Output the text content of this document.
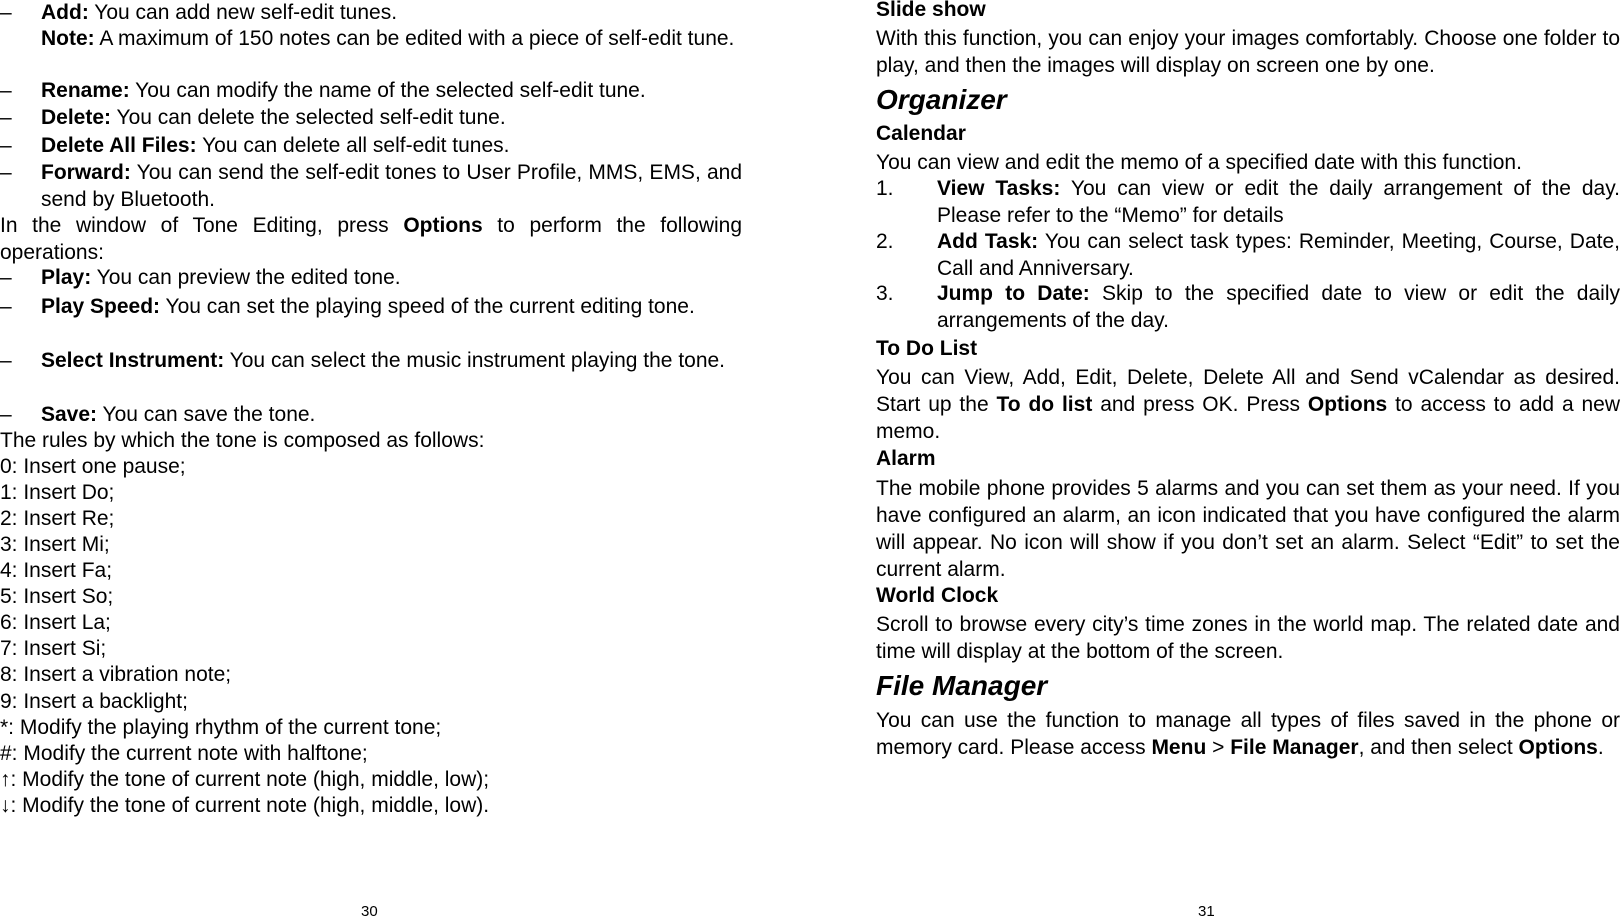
–	Add: You can add new self-edit tunes.
Note: A maximum of 150 notes can be edited with a piece of self-edit tune.
–	Rename: You can modify the name of the selected self-edit tune.
–	Delete: You can delete the selected self-edit tune.
–	Delete All Files: You can delete all self-edit tunes.
–	Forward: You can send the self-edit tones to User Profile, MMS, EMS, and send by Bluetooth.
In the window of Tone Editing, press Options to perform the following operations:
–	Play: You can preview the edited tone.
–	Play Speed: You can set the playing speed of the current editing tone.
–	Select Instrument: You can select the music instrument playing the tone.
–	Save: You can save the tone.
The rules by which the tone is composed as follows:
0: Insert one pause;
1: Insert Do;
2: Insert Re;
3: Insert Mi;
4: Insert Fa;
5: Insert So;
6: Insert La;
7: Insert Si;
8: Insert a vibration note;
9: Insert a backlight;
*: Modify the playing rhythm of the current tone;
#: Modify the current note with halftone;
↑: Modify the tone of current note (high, middle, low);
↓: Modify the tone of current note (high, middle, low).
30
Slide show
With this function, you can enjoy your images comfortably. Choose one folder to play, and then the images will display on screen one by one.
Organizer
Calendar
You can view and edit the memo of a specified date with this function.
1.	View Tasks: You can view or edit the daily arrangement of the day. Please refer to the “Memo” for details
2.	Add Task: You can select task types: Reminder, Meeting, Course, Date, Call and Anniversary.
3.	Jump to Date: Skip to the specified date to view or edit the daily arrangements of the day.
To Do List
You can View, Add, Edit, Delete, Delete All and Send vCalendar as desired. Start up the To do list and press OK. Press Options to access to add a new memo.
Alarm
The mobile phone provides 5 alarms and you can set them as your need. If you have configured an alarm, an icon indicated that you have configured the alarm will appear. No icon will show if you don’t set an alarm. Select “Edit” to set the current alarm.
World Clock
Scroll to browse every city’s time zones in the world map. The related date and time will display at the bottom of the screen.
File Manager
You can use the function to manage all types of files saved in the phone or memory card. Please access Menu > File Manager, and then select Options.
31
